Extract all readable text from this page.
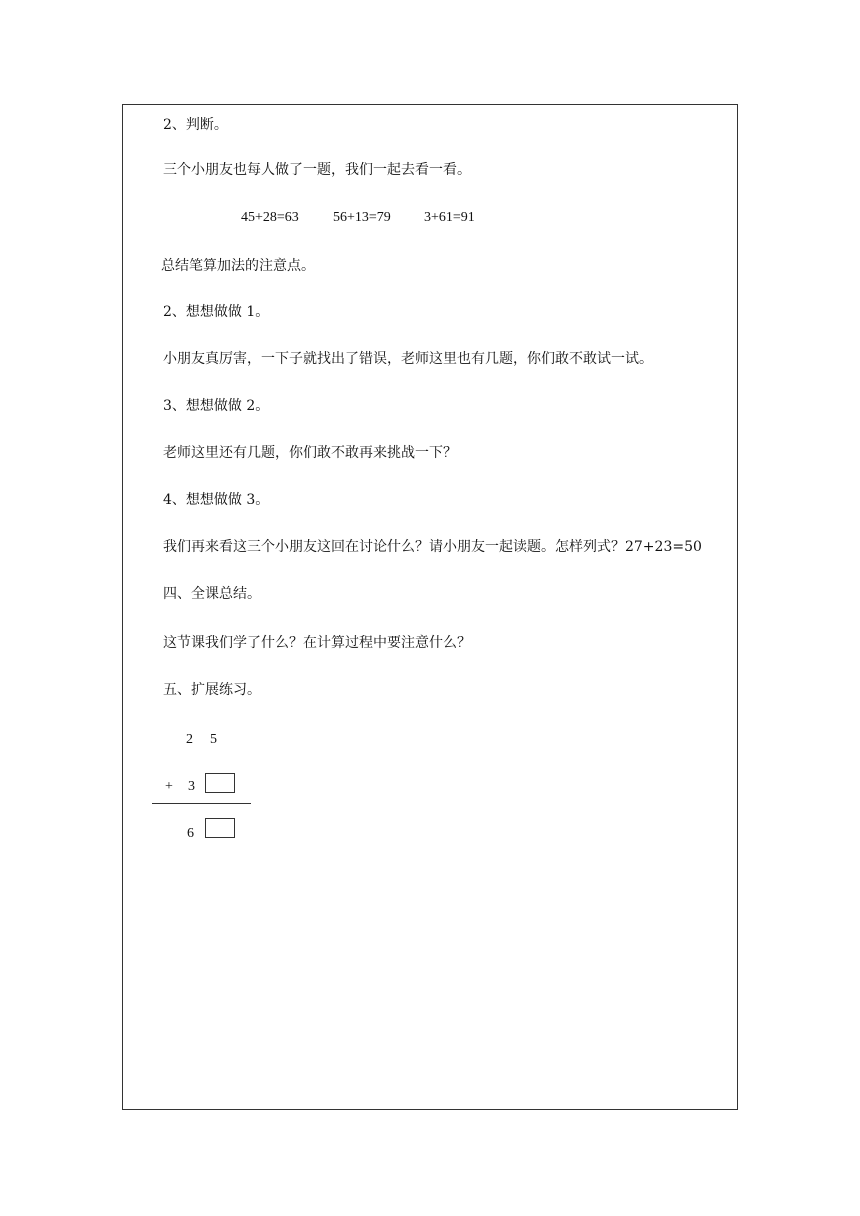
2、判断。
三个小朋友也每人做了一题，我们一起去看一看。
45+28=63 56+13=79 3+61=91
总结笔算加法的注意点。
2、想想做做 1。
小朋友真厉害，一下子就找出了错误，老师这里也有几题，你们敢不敢试一试。
3、想想做做 2。
老师这里还有几题，你们敢不敢再来挑战一下？
4、想想做做 3。
我们再来看这三个小朋友这回在讨论什么？请小朋友一起读题。怎样列式？27+23=50
四、全课总结。
这节课我们学了什么？在计算过程中要注意什么？
五、扩展练习。
2 5
+ 3
6
